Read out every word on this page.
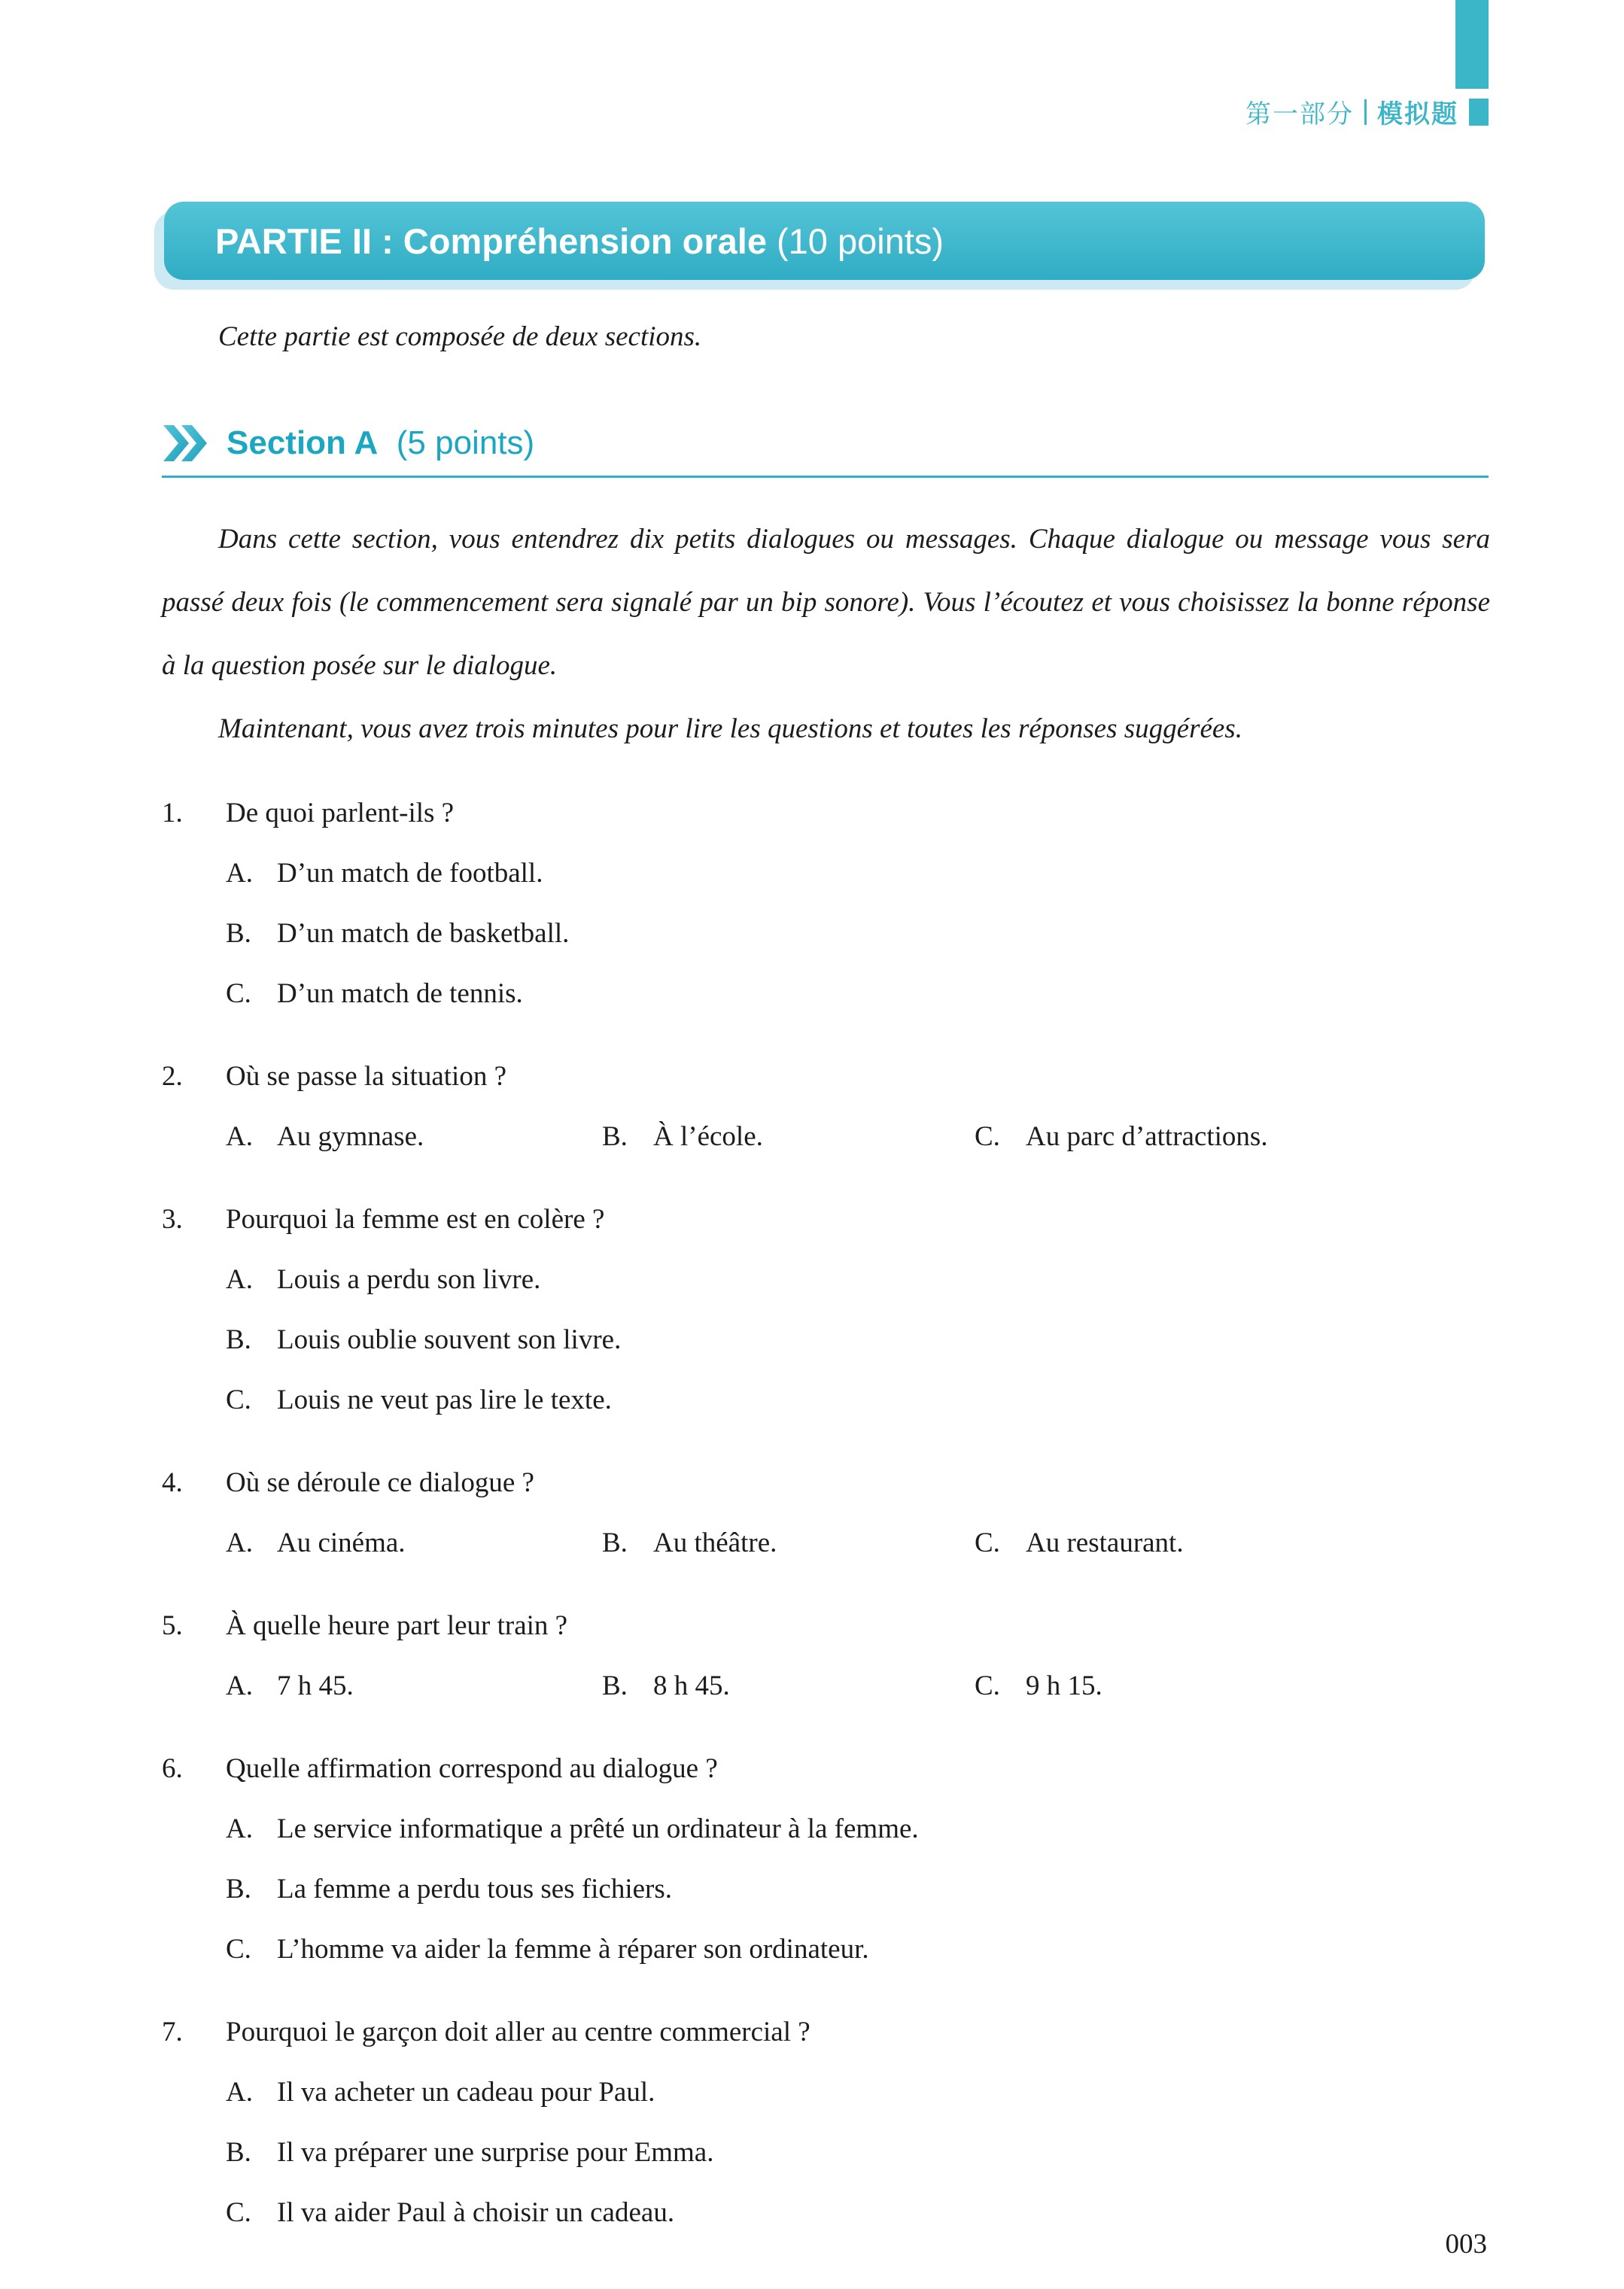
第一部分 模拟题
PARTIE II : Compréhension orale (10 points)

Cette partie est composée de deux sections.

Section A  (5 points)

Dans cette section, vous entendrez dix petits dialogues ou messages. Chaque dialogue ou message vous sera passé deux fois (le commencement sera signalé par un bip sonore). Vous l’écoutez et vous choisissez la bonne réponse à la question posée sur le dialogue.

Maintenant, vous avez trois minutes pour lire les questions et toutes les réponses suggérées.

1.	De quoi parlent-ils ?
A. D’un match de football.
B. D’un match de basketball.
C. D’un match de tennis.
2.	Où se passe la situation ?
A. Au gymnase.	B. À l’école.	C. Au parc d’attractions.
3.	Pourquoi la femme est en colère ?
A. Louis a perdu son livre.
B. Louis oublie souvent son livre.
C. Louis ne veut pas lire le texte.
4.	Où se déroule ce dialogue ?
A. Au cinéma.	B. Au théâtre.	C. Au restaurant.
5.	À quelle heure part leur train ?
A. 7 h 45.	B. 8 h 45.	C. 9 h 15.
6.	Quelle affirmation correspond au dialogue ?
A. Le service informatique a prêté un ordinateur à la femme.
B. La femme a perdu tous ses fichiers.
C. L’homme va aider la femme à réparer son ordinateur.
7.	Pourquoi le garçon doit aller au centre commercial ?
A. Il va acheter un cadeau pour Paul.
B. Il va préparer une surprise pour Emma.
C. Il va aider Paul à choisir un cadeau.
003
